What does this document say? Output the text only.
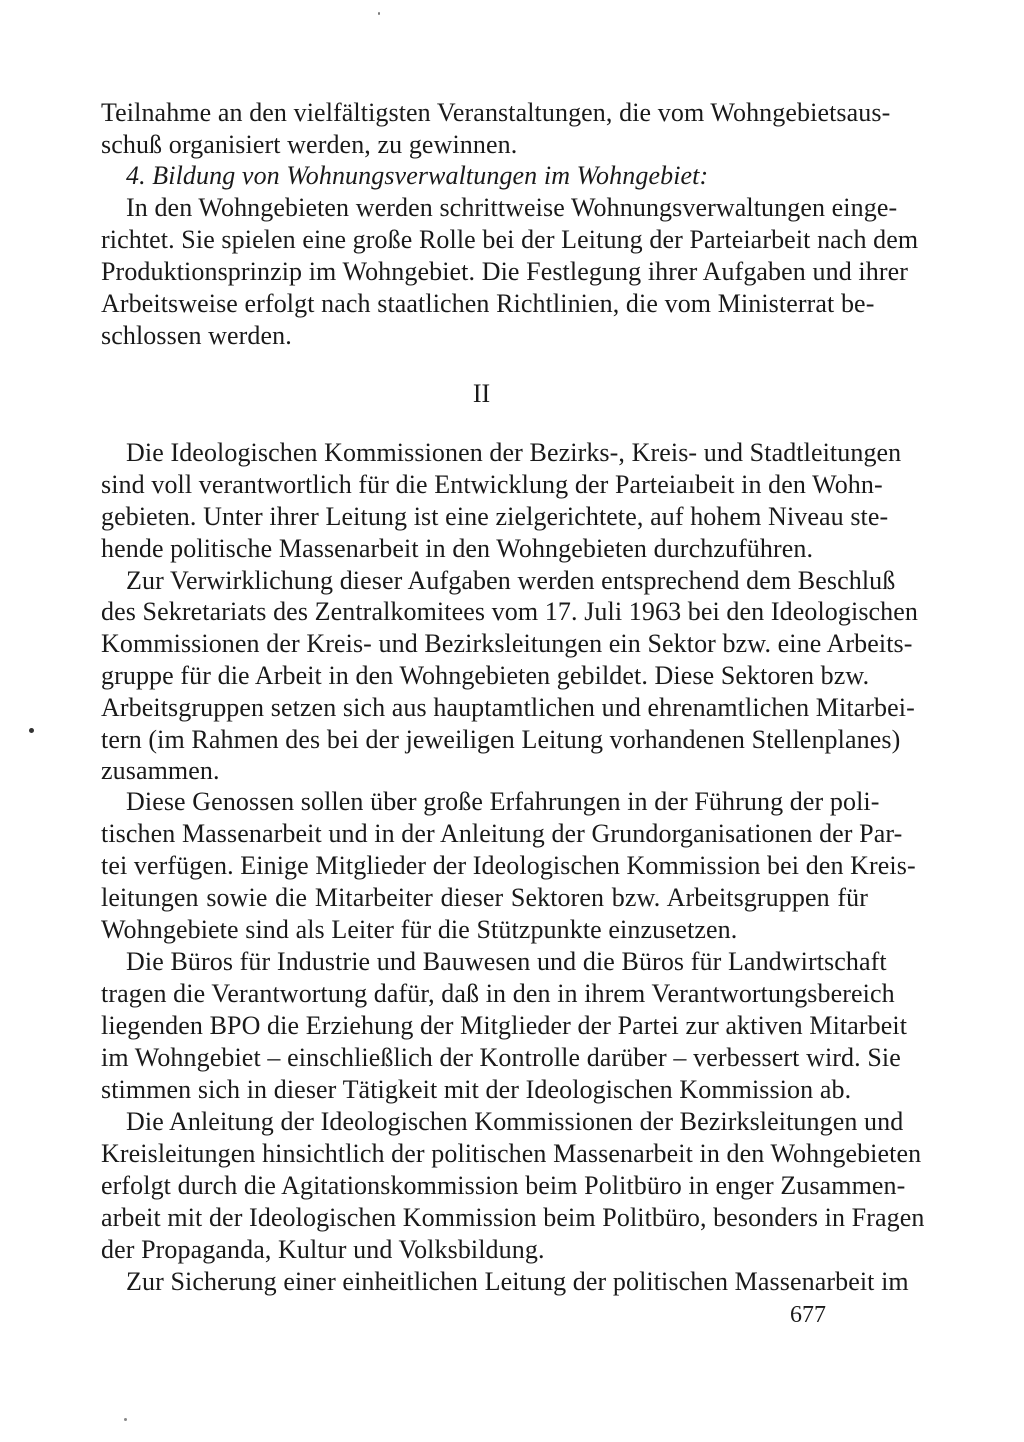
Teilnahme an den vielfältigsten Veranstaltungen, die vom Wohngebietsaus-
schuß organisiert werden, zu gewinnen.
4. Bildung von Wohnungsverwaltungen im Wohngebiet:
In den Wohngebieten werden schrittweise Wohnungsverwaltungen einge-
richtet. Sie spielen eine große Rolle bei der Leitung der Parteiarbeit nach dem
Produktionsprinzip im Wohngebiet. Die Festlegung ihrer Aufgaben und ihrer
Arbeitsweise erfolgt nach staatlichen Richtlinien, die vom Ministerrat be-
schlossen werden.
II
Die Ideologischen Kommissionen der Bezirks-, Kreis- und Stadtleitungen
sind voll verantwortlich für die Entwicklung der Parteiaıbeit in den Wohn-
gebieten. Unter ihrer Leitung ist eine zielgerichtete, auf hohem Niveau ste-
hende politische Massenarbeit in den Wohngebieten durchzuführen.
Zur Verwirklichung dieser Aufgaben werden entsprechend dem Beschluß
des Sekretariats des Zentralkomitees vom 17. Juli 1963 bei den Ideologischen
Kommissionen der Kreis- und Bezirksleitungen ein Sektor bzw. eine Arbeits-
gruppe für die Arbeit in den Wohngebieten gebildet. Diese Sektoren bzw.
Arbeitsgruppen setzen sich aus hauptamtlichen und ehrenamtlichen Mitarbei-
tern (im Rahmen des bei der jeweiligen Leitung vorhandenen Stellenplanes)
zusammen.
Diese Genossen sollen über große Erfahrungen in der Führung der poli-
tischen Massenarbeit und in der Anleitung der Grundorganisationen der Par-
tei verfügen. Einige Mitglieder der Ideologischen Kommission bei den Kreis-
leitungen sowie die Mitarbeiter dieser Sektoren bzw. Arbeitsgruppen für
Wohngebiete sind als Leiter für die Stützpunkte einzusetzen.
Die Büros für Industrie und Bauwesen und die Büros für Landwirtschaft
tragen die Verantwortung dafür, daß in den in ihrem Verantwortungsbereich
liegenden BPO die Erziehung der Mitglieder der Partei zur aktiven Mitarbeit
im Wohngebiet – einschließlich der Kontrolle darüber – verbessert wird. Sie
stimmen sich in dieser Tätigkeit mit der Ideologischen Kommission ab.
Die Anleitung der Ideologischen Kommissionen der Bezirksleitungen und
Kreisleitungen hinsichtlich der politischen Massenarbeit in den Wohngebieten
erfolgt durch die Agitationskommission beim Politbüro in enger Zusammen-
arbeit mit der Ideologischen Kommission beim Politbüro, besonders in Fragen
der Propaganda, Kultur und Volksbildung.
Zur Sicherung einer einheitlichen Leitung der politischen Massenarbeit im
677
